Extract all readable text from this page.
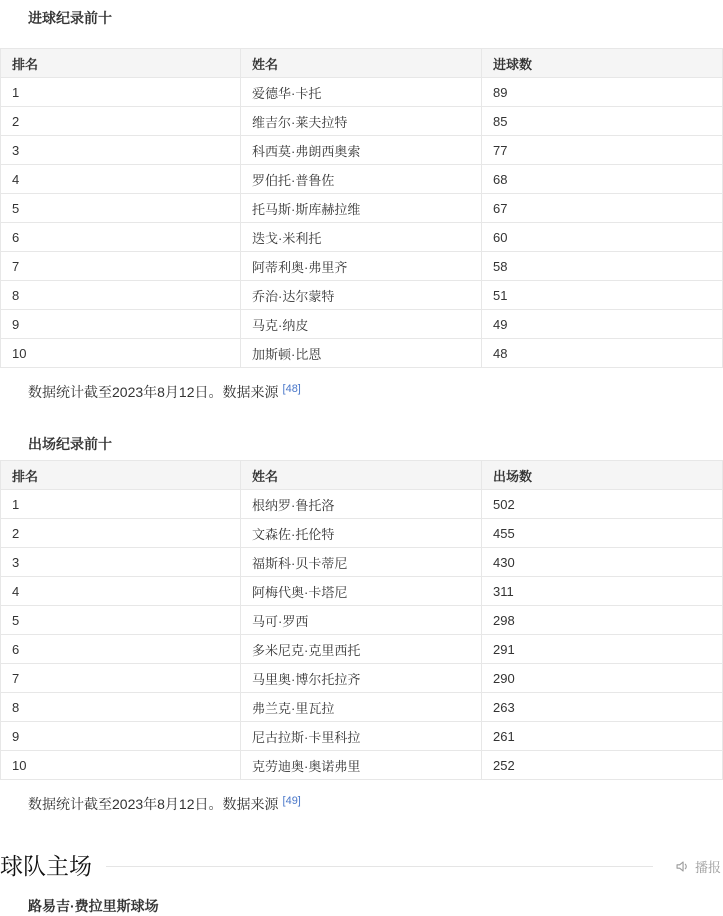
进球纪录前十
排名	姓名	进球数
1	爱德华·卡托	89
2	维吉尔·莱夫拉特	85
3	科西莫·弗朗西奥索	77
4	罗伯托·普鲁佐	68
5	托马斯·斯库赫拉维	67
6	迭戈·米利托	60
7	阿蒂利奥·弗里齐	58
8	乔治·达尔蒙特	51
9	马克·纳皮	49
10	加斯顿·比恩	48
数据统计截至2023年8月12日。数据来源 [48]
出场纪录前十
排名	姓名	出场数
1	根纳罗·鲁托洛	502
2	文森佐·托伦特	455
3	福斯科·贝卡蒂尼	430
4	阿梅代奥·卡塔尼	311
5	马可·罗西	298
6	多米尼克·克里西托	291
7	马里奥·博尔托拉齐	290
8	弗兰克·里瓦拉	263
9	尼古拉斯·卡里科拉	261
10	克劳迪奥·奥诺弗里	252
数据统计截至2023年8月12日。数据来源 [49]
球队主场	播报
路易吉·费拉里斯球场
